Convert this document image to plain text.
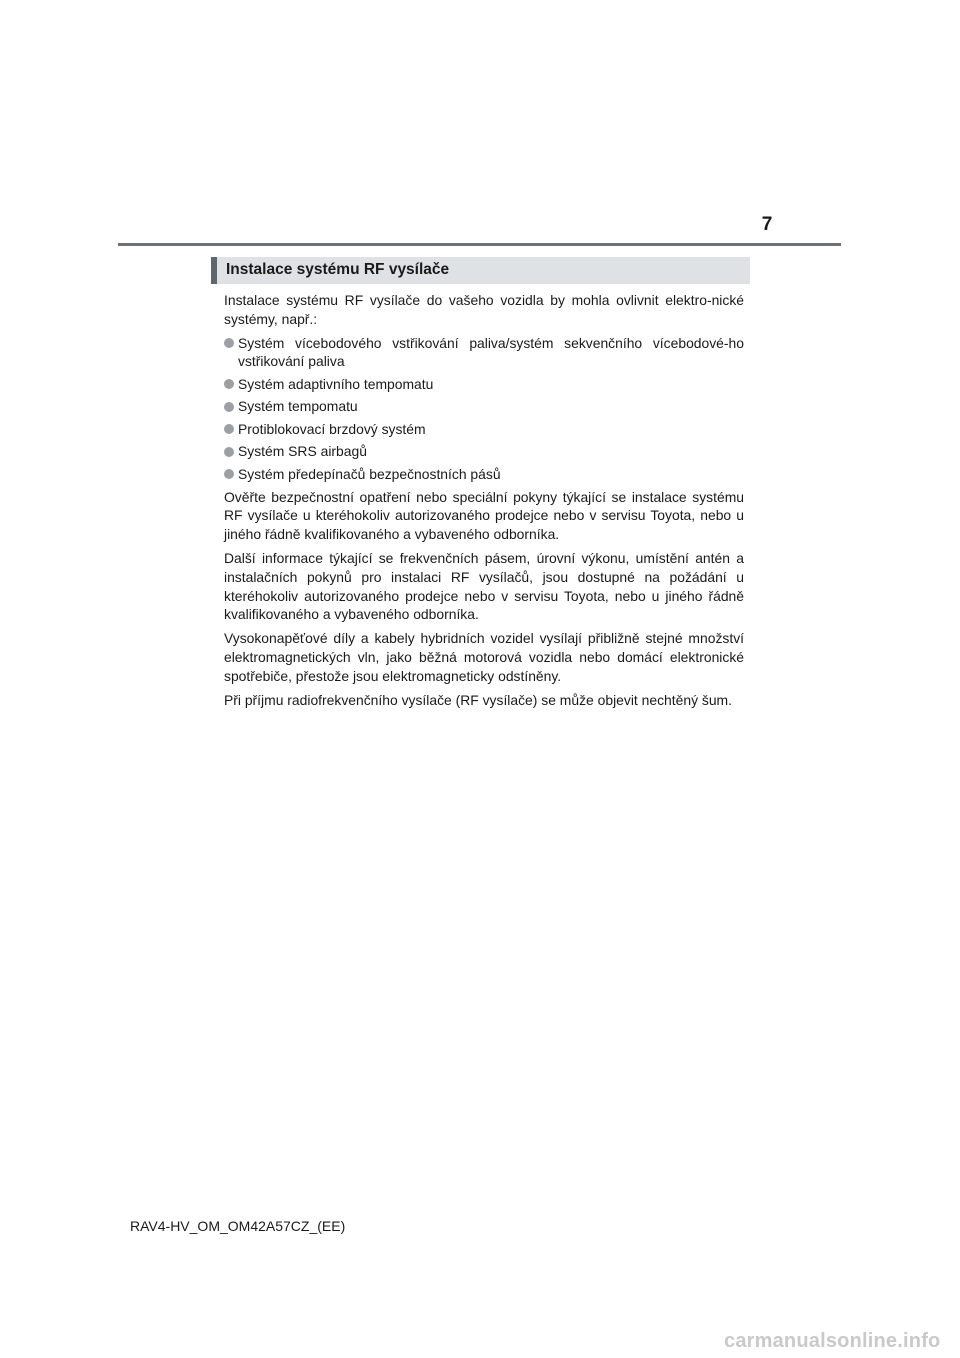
7
Instalace systému RF vysílače

Instalace systému RF vysílače do vašeho vozidla by mohla ovlivnit elektro-nické systémy, např.:

Systém vícebodového vstřikování paliva/systém sekvenčního vícebodové-ho vstřikování paliva
Systém adaptivního tempomatu
Systém tempomatu
Protiblokovací brzdový systém
Systém SRS airbagů
Systém předepínačů bezpečnostních pásů

Ověřte bezpečnostní opatření nebo speciální pokyny týkající se instalace systému RF vysílače u kteréhokoliv autorizovaného prodejce nebo v servisu Toyota, nebo u jiného řádně kvalifikovaného a vybaveného odborníka.

Další informace týkající se frekvenčních pásem, úrovní výkonu, umístění antén a instalačních pokynů pro instalaci RF vysílačů, jsou dostupné na požádání u kteréhokoliv autorizovaného prodejce nebo v servisu Toyota, nebo u jiného řádně kvalifikovaného a vybaveného odborníka.

Vysokonapěťové díly a kabely hybridních vozidel vysílají přibližně stejné množství elektromagnetických vln, jako běžná motorová vozidla nebo domácí elektronické spotřebiče, přestože jsou elektromagneticky odstíněny.

Při příjmu radiofrekvenčního vysílače (RF vysílače) se může objevit nechtěný šum.

RAV4-HV_OM_OM42A57CZ_(EE)
carmanualsonline.info
